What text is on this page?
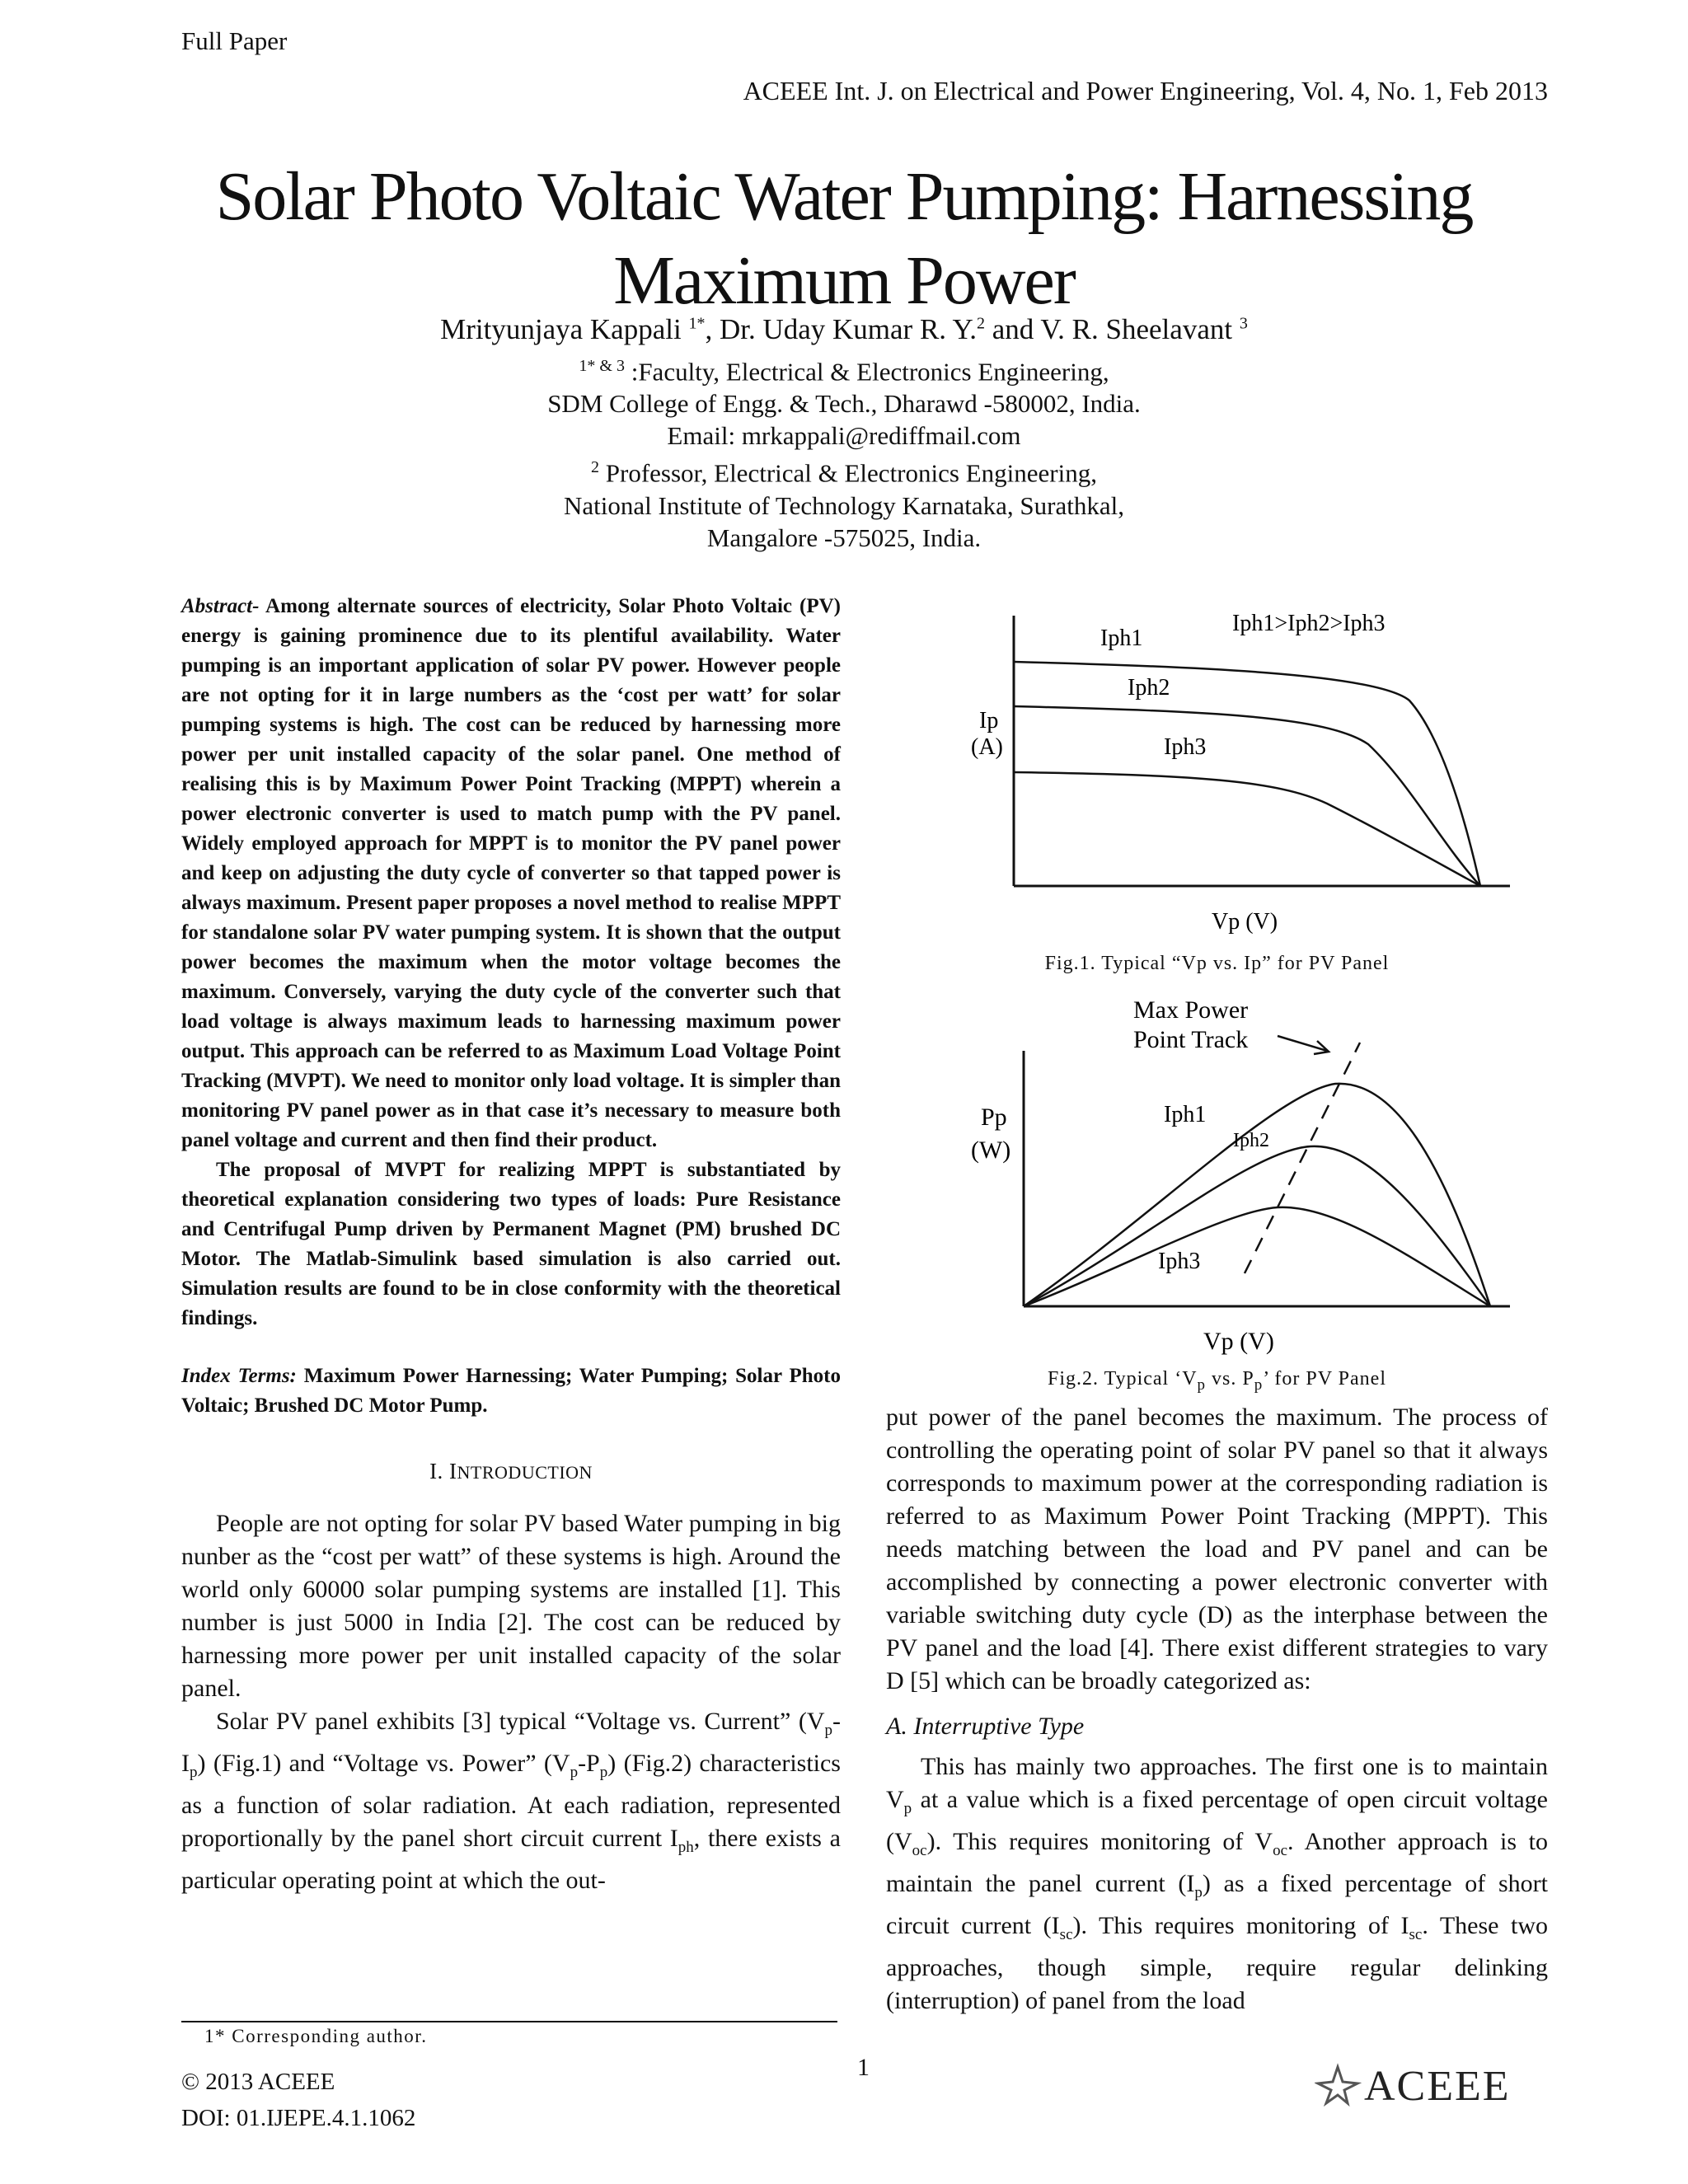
Full Paper
ACEEE Int. J. on Electrical and Power Engineering, Vol. 4, No. 1, Feb 2013
Solar Photo Voltaic Water Pumping: Harnessing
Maximum Power
Mrityunjaya Kappali $^{1*}$, Dr. Uday Kumar R. Y.$^2$ and V. R. Sheelavant $^3$
$^{1* \& 3}$ :Faculty, Electrical & Electronics Engineering,
SDM College of Engg. & Tech., Dharawd -580002, India.
Email: mrkappali@rediffmail.com
$^2$ Professor, Electrical & Electronics Engineering,
National Institute of Technology Karnataka, Surathkal,
Mangalore -575025, India.

Abstract- Among alternate sources of electricity, Solar Photo Voltaic (PV) energy is gaining prominence due to its plentiful availability. Water pumping is an important application of solar PV power. However people are not opting for it in large numbers as the ‘cost per watt’ for solar pumping systems is high. The cost can be reduced by harnessing more power per unit installed capacity of the solar panel. One method of realising this is by Maximum Power Point Tracking (MPPT) wherein a power electronic converter is used to match pump with the PV panel. Widely employed approach for MPPT is to monitor the PV panel power and keep on adjusting the duty cycle of converter so that tapped power is always maximum. Present paper proposes a novel method to realise MPPT for standalone solar PV water pumping system. It is shown that the output power becomes the maximum when the motor voltage becomes the maximum. Conversely, varying the duty cycle of the converter such that load voltage is always maximum leads to harnessing maximum power output. This approach can be referred to as Maximum Load Voltage Point Tracking (MVPT). We need to monitor only load voltage. It is simpler than monitoring PV panel power as in that case it’s necessary to measure both panel voltage and current and then find their product.

The proposal of MVPT for realizing MPPT is substantiated by theoretical explanation considering two types of loads: Pure Resistance and Centrifugal Pump driven by Permanent Magnet (PM) brushed DC Motor. The Matlab-Simulink based simulation is also carried out. Simulation results are found to be in close conformity with the theoretical findings.

Index Terms: Maximum Power Harnessing; Water Pumping; Solar Photo Voltaic; Brushed DC Motor Pump.
I. INTRODUCTION

People are not opting for solar PV based Water pumping in big nunber as the “cost per watt” of these systems is high. Around the world only 60000 solar pumping systems are installed [1]. This number is just 5000 in India [2]. The cost can be reduced by harnessing more power per unit installed capacity of the solar panel.

Solar PV panel exhibits [3] typical “Voltage vs. Current” $(V_p-I_p)$ (Fig.1) and “Voltage vs. Power” $(V_p-P_p)$ (Fig.2) characteristics as a function of solar radiation. At each radiation, represented proportionally by the panel short circuit current $I_{ph}$, there exists a particular operating point at which the out-

Iph1
Iph2
Iph3
Iph1>Iph2>Iph3
Ip
(A)
Vp (V)
Fig.1. Typical “Vp vs. Ip” for PV Panel
Max Power
Point Track
Iph1
Iph2
Iph3
Pp
(W)
Vp (V)
Fig.2. Typical ‘$V_p$ vs. $P_p$’ for PV Panel

put power of the panel becomes the maximum. The process of controlling the operating point of solar PV panel so that it always corresponds to maximum power at the corresponding radiation is referred to as Maximum Power Point Tracking (MPPT). This needs matching between the load and PV panel and can be accomplished by connecting a power electronic converter with variable switching duty cycle (D) as the interphase between the PV panel and the load [4]. There exist different strategies to vary D [5] which can be broadly categorized as:

A. Interruptive Type

This has mainly two approaches. The first one is to maintain $V_p$ at a value which is a fixed percentage of open circuit voltage $(V_{oc})$. This requires monitoring of $V_{oc}$. Another approach is to maintain the panel current $(I_p)$ as a fixed percentage of short circuit current $(I_{sc})$. This requires monitoring of $I_{sc}$. These two approaches, though simple, require regular delinking (interruption) of panel from the load

1* Corresponding author.
© 2013 ACEEE
DOI: 01.IJEPE.4.1.1062
1	ACEEE
